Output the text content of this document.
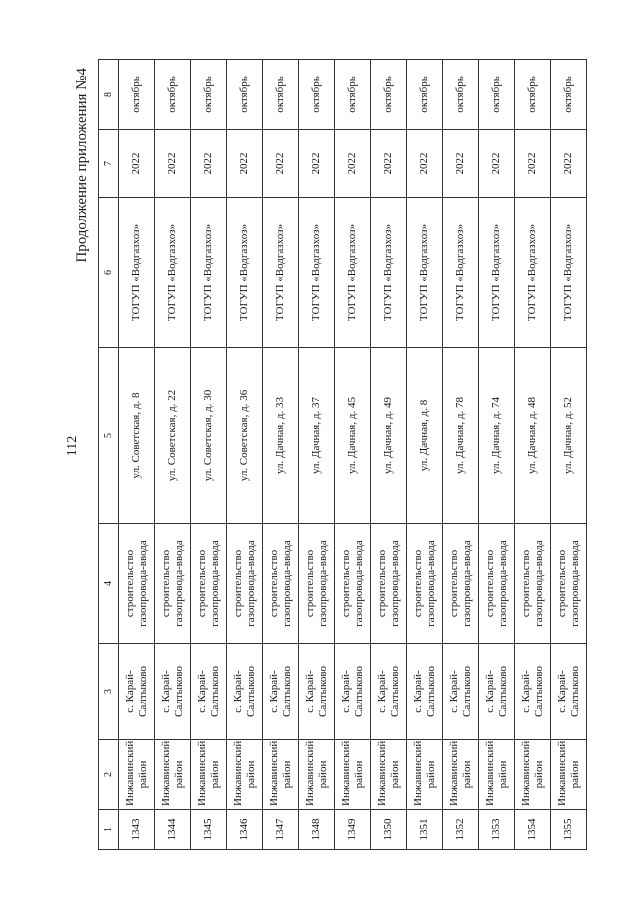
112
Продолжение приложения №4
1	2	3	4	5	6	7	8
1343	Инжавинский район	с. Карай-Салтыково	строительство газопровода-ввода	ул. Советская, д. 8	ТОГУП «Водгазхоз»	2022	октябрь
1344	Инжавинский район	с. Карай-Салтыково	строительство газопровода-ввода	ул. Советская, д. 22	ТОГУП «Водгазхоз»	2022	октябрь
1345	Инжавинский район	с. Карай-Салтыково	строительство газопровода-ввода	ул. Советская, д. 30	ТОГУП «Водгазхоз»	2022	октябрь
1346	Инжавинский район	с. Карай-Салтыково	строительство газопровода-ввода	ул. Советская, д. 36	ТОГУП «Водгазхоз»	2022	октябрь
1347	Инжавинский район	с. Карай-Салтыково	строительство газопровода-ввода	ул. Дачная, д. 33	ТОГУП «Водгазхоз»	2022	октябрь
1348	Инжавинский район	с. Карай-Салтыково	строительство газопровода-ввода	ул. Дачная, д. 37	ТОГУП «Водгазхоз»	2022	октябрь
1349	Инжавинский район	с. Карай-Салтыково	строительство газопровода-ввода	ул. Дачная, д. 45	ТОГУП «Водгазхоз»	2022	октябрь
1350	Инжавинский район	с. Карай-Салтыково	строительство газопровода-ввода	ул. Дачная, д. 49	ТОГУП «Водгазхоз»	2022	октябрь
1351	Инжавинский район	с. Карай-Салтыково	строительство газопровода-ввода	ул. Дачная, д. 8	ТОГУП «Водгазхоз»	2022	октябрь
1352	Инжавинский район	с. Карай-Салтыково	строительство газопровода-ввода	ул. Дачная, д. 78	ТОГУП «Водгазхоз»	2022	октябрь
1353	Инжавинский район	с. Карай-Салтыково	строительство газопровода-ввода	ул. Дачная, д. 74	ТОГУП «Водгазхоз»	2022	октябрь
1354	Инжавинский район	с. Карай-Салтыково	строительство газопровода-ввода	ул. Дачная, д. 48	ТОГУП «Водгазхоз»	2022	октябрь
1355	Инжавинский район	с. Карай-Салтыково	строительство газопровода-ввода	ул. Дачная, д. 52	ТОГУП «Водгазхоз»	2022	октябрь
